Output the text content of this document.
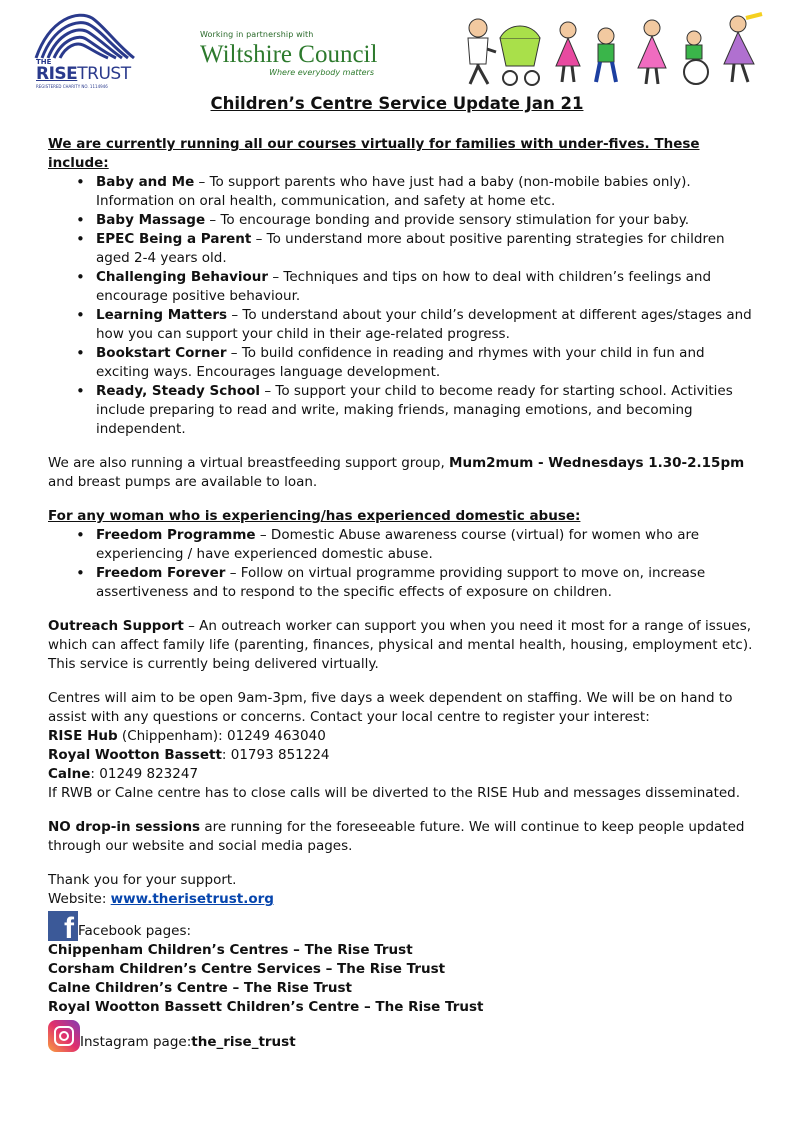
THE
RISETRUST
REGISTERED CHARITY NO. 1114946
Working in partnership with
Wiltshire Council
Where everybody matters
Children’s Centre Service Update Jan 21

We are currently running all our courses virtually for families with under-fives. These include:

• Baby and Me – To support parents who have just had a baby (non-mobile babies only). Information on oral health, communication, and safety at home etc.
• Baby Massage – To encourage bonding and provide sensory stimulation for your baby.
• EPEC Being a Parent – To understand more about positive parenting strategies for children aged 2-4 years old.
• Challenging Behaviour – Techniques and tips on how to deal with children’s feelings and encourage positive behaviour.
• Learning Matters – To understand about your child’s development at different ages/stages and how you can support your child in their age-related progress.
• Bookstart Corner – To build confidence in reading and rhymes with your child in fun and exciting ways. Encourages language development.
• Ready, Steady School – To support your child to become ready for starting school. Activities include preparing to read and write, making friends, managing emotions, and becoming independent.

We are also running a virtual breastfeeding support group, Mum2mum - Wednesdays 1.30-2.15pm and breast pumps are available to loan.

For any woman who is experiencing/has experienced domestic abuse:

• Freedom Programme – Domestic Abuse awareness course (virtual) for women who are experiencing / have experienced domestic abuse.
• Freedom Forever – Follow on virtual programme providing support to move on, increase assertiveness and to respond to the specific effects of exposure on children.

Outreach Support – An outreach worker can support you when you need it most for a range of issues, which can affect family life (parenting, finances, physical and mental health, housing, employment etc). This service is currently being delivered virtually.

Centres will aim to be open 9am-3pm, five days a week dependent on staffing. We will be on hand to assist with any questions or concerns. Contact your local centre to register your interest:

RISE Hub (Chippenham): 01249 463040

Royal Wootton Bassett: 01793 851224

Calne: 01249 823247

If RWB or Calne centre has to close calls will be diverted to the RISE Hub and messages disseminated.

NO drop-in sessions are running for the foreseeable future. We will continue to keep people updated through our website and social media pages.

Thank you for your support.

Website: www.therisetrust.org

f Facebook pages:

Chippenham Children’s Centres – The Rise Trust

Corsham Children’s Centre Services – The Rise Trust

Calne Children’s Centre – The Rise Trust

Royal Wootton Bassett Children’s Centre – The Rise Trust

Instagram page: the_rise_trust
